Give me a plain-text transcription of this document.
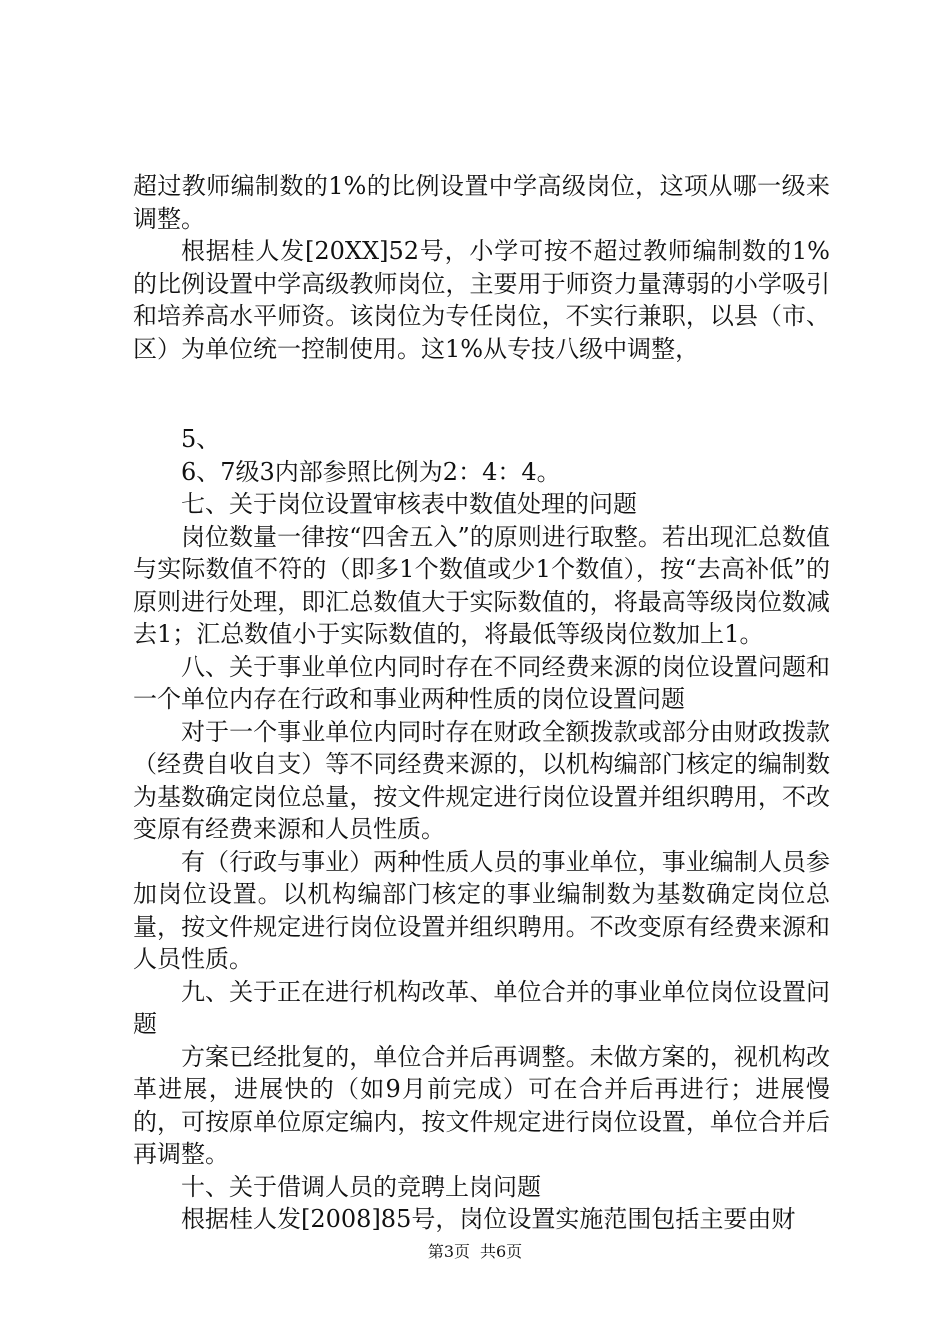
超过教师编制数的1%的比例设置中学高级岗位，这项从哪一级来调整。

根据桂人发[20XX]52号，小学可按不超过教师编制数的1%的比例设置中学高级教师岗位，主要用于师资力量薄弱的小学吸引和培养高水平师资。该岗位为专任岗位，不实行兼职，以县（市、区）为单位统一控制使用。这1%从专技八级中调整，

5、

6、7级3内部参照比例为2：4：4。

七、关于岗位设置审核表中数值处理的问题

岗位数量一律按“四舍五入”的原则进行取整。若出现汇总数值与实际数值不符的（即多1个数值或少1个数值），按“去高补低”的原则进行处理，即汇总数值大于实际数值的，将最高等级岗位数减去1；汇总数值小于实际数值的，将最低等级岗位数加上1。

八、关于事业单位内同时存在不同经费来源的岗位设置问题和一个单位内存在行政和事业两种性质的岗位设置问题

对于一个事业单位内同时存在财政全额拨款或部分由财政拨款（经费自收自支）等不同经费来源的，以机构编部门核定的编制数为基数确定岗位总量，按文件规定进行岗位设置并组织聘用，不改变原有经费来源和人员性质。

有（行政与事业）两种性质人员的事业单位，事业编制人员参加岗位设置。以机构编部门核定的事业编制数为基数确定岗位总量，按文件规定进行岗位设置并组织聘用。不改变原有经费来源和人员性质。

九、关于正在进行机构改革、单位合并的事业单位岗位设置问题

方案已经批复的，单位合并后再调整。未做方案的，视机构改革进展，进展快的（如9月前完成）可在合并后再进行；进展慢的，可按原单位原定编内，按文件规定进行岗位设置，单位合并后再调整。

十、关于借调人员的竞聘上岗问题

根据桂人发[2008]85号，岗位设置实施范围包括主要由财

第3页 共6页
